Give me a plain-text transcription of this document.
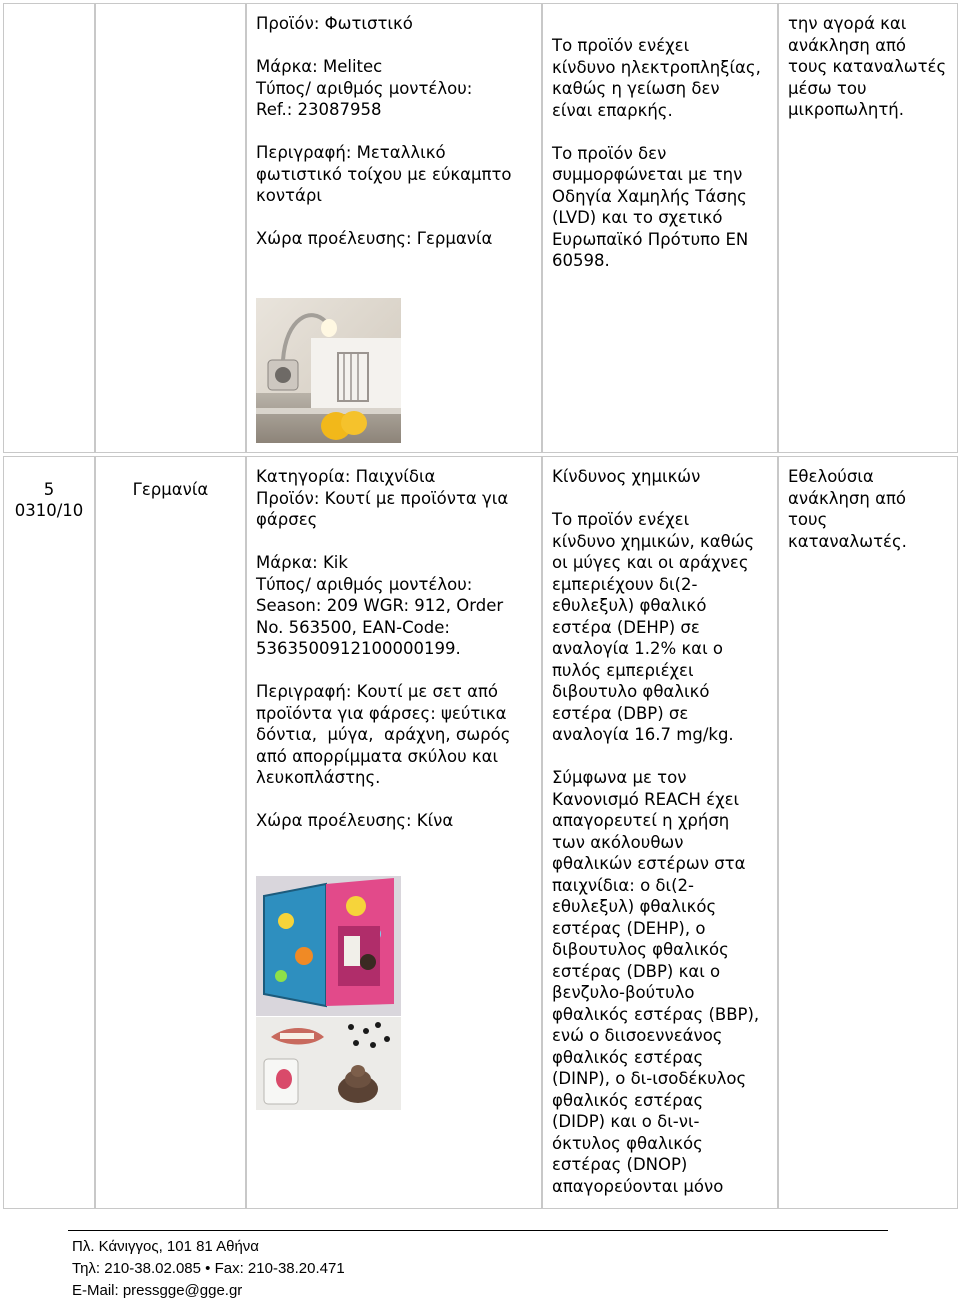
Προϊόν: Φωτιστικό
Μάρκα: Melitec
Τύπος/ αριθμός μοντέλου:
Ref.: 23087958
Περιγραφή: Μεταλλικό
φωτιστικό τοίχου με εύκαμπτο
κοντάρι
Χώρα προέλευσης: Γερμανία
Το προϊόν ενέχει
κίνδυνο ηλεκτροπληξίας,
καθώς η γείωση δεν
είναι επαρκής.
Το προϊόν δεν
συμμορφώνεται με την
Οδηγία Χαμηλής Τάσης
(LVD) και το σχετικό
Ευρωπαϊκό Πρότυπο EN
60598.
την αγορά και
ανάκληση από
τους καταναλωτές
μέσω του
μικροπωλητή.
5
0310/10
Γερμανία
Κατηγορία: Παιχνίδια
Προϊόν: Κουτί με προϊόντα για
φάρσες
Μάρκα: Kik
Τύπος/ αριθμός μοντέλου:
Season: 209 WGR: 912, Order
No. 563500, EAN-Code:
5363500912100000199.
Περιγραφή: Κουτί με σετ από
προϊόντα για φάρσες: ψεύτικα
δόντια,  μύγα,  αράχνη, σωρός
από απορρίμματα σκύλου και
λευκοπλάστης.
Χώρα προέλευσης: Κίνα
Κίνδυνος χημικών
Το προϊόν ενέχει
κίνδυνο χημικών, καθώς
οι μύγες και οι αράχνες
εμπεριέχουν δι(2-
εθυλεξυλ) φθαλικό
εστέρα (DEHP) σε
αναλογία 1.2% και ο
πυλός εμπεριέχει
διβουτυλο φθαλικό
εστέρα (DBP) σε
αναλογία 16.7 mg/kg.
Σύμφωνα με τον
Κανονισμό REACH έχει
απαγορευτεί η χρήση
των ακόλουθων
φθαλικών εστέρων στα
παιχνίδια: ο δι(2-
εθυλεξυλ) φθαλικός
εστέρας (DEHP), ο
διβουτυλος φθαλικός
εστέρας (DBP) και ο
βενζυλο-βούτυλο
φθαλικός εστέρας (BBP),
ενώ ο διισοεννεάνος
φθαλικός εστέρας
(DINP), ο δι-ισοδέκυλος
φθαλικός εστέρας
(DIDP) και ο δι-νι-
όκτυλος φθαλικός
εστέρας (DNOP)
απαγορεύονται μόνο
Εθελούσια
ανάκληση από
τους
καταναλωτές.
Πλ. Κάνιγγος, 101 81 Αθήνα
Τηλ: 210-38.02.085 • Fax: 210-38.20.471
E-Mail: pressgge@gge.gr
